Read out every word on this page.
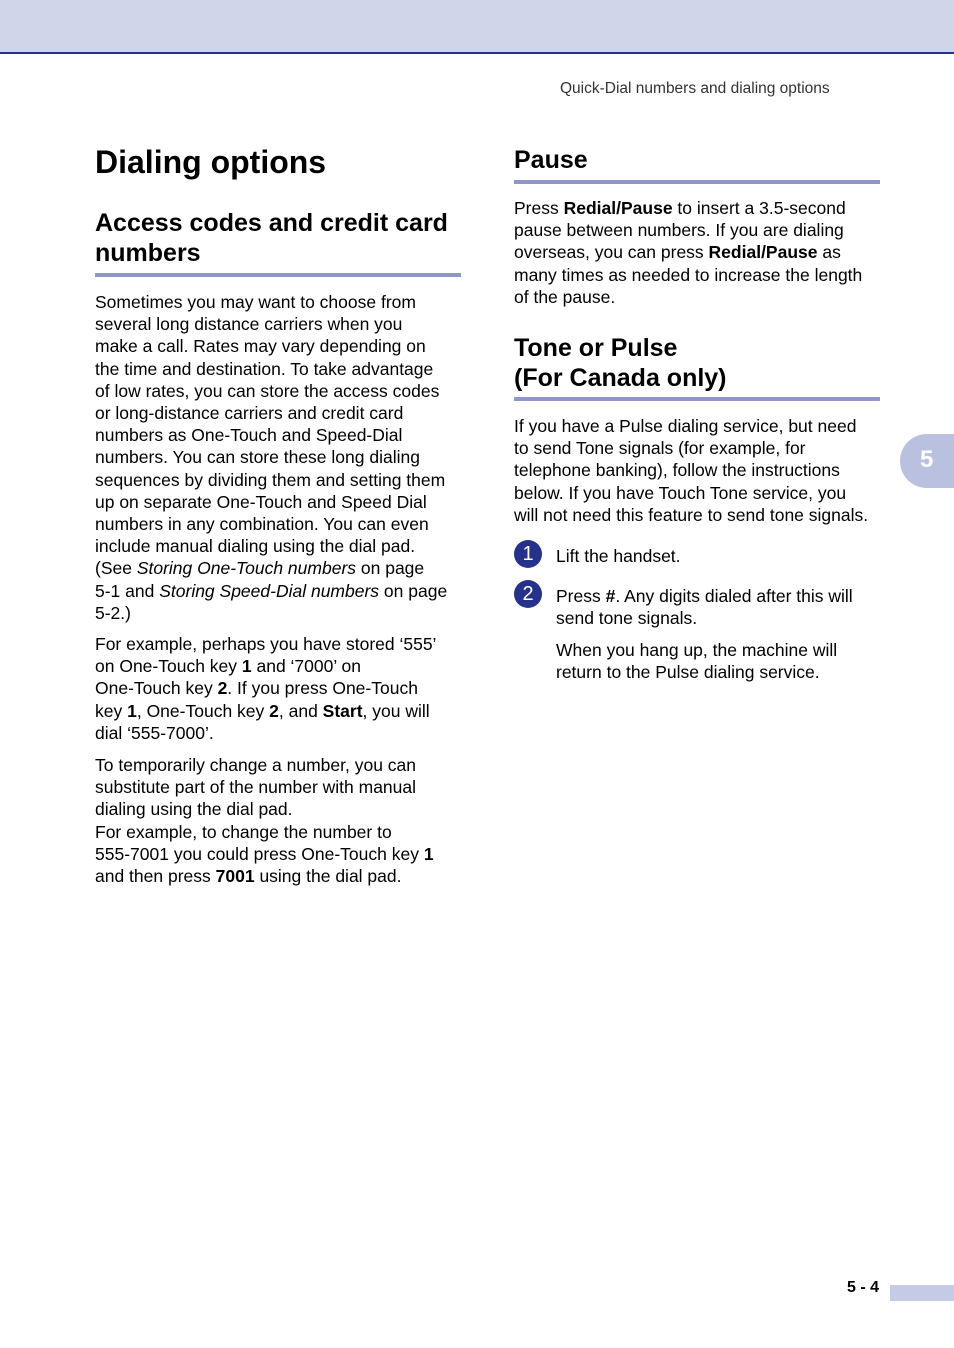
Quick-Dial numbers and dialing options
Dialing options
Access codes and credit card
numbers

Sometimes you may want to choose from
several long distance carriers when you
make a call. Rates may vary depending on
the time and destination. To take advantage
of low rates, you can store the access codes
or long-distance carriers and credit card
numbers as One-Touch and Speed-Dial
numbers. You can store these long dialing
sequences by dividing them and setting them
up on separate One-Touch and Speed Dial
numbers in any combination. You can even
include manual dialing using the dial pad.
(See Storing One-Touch numbers on page
5-1 and Storing Speed-Dial numbers on page
5-2.)

For example, perhaps you have stored ‘555’
on One-Touch key 1 and ‘7000’ on
One-Touch key 2. If you press One-Touch
key 1, One-Touch key 2, and Start, you will
dial ‘555-7000’.

To temporarily change a number, you can
substitute part of the number with manual
dialing using the dial pad.
For example, to change the number to
555-7001 you could press One-Touch key 1
and then press 7001 using the dial pad.

Pause

Press Redial/Pause to insert a 3.5-second
pause between numbers. If you are dialing
overseas, you can press Redial/Pause as
many times as needed to increase the length
of the pause.

Tone or Pulse
(For Canada only)

If you have a Pulse dialing service, but need
to send Tone signals (for example, for
telephone banking), follow the instructions
below. If you have Touch Tone service, you
will not need this feature to send tone signals.

1	Lift the handset.

2	Press #. Any digits dialed after this will
send tone signals.

When you hang up, the machine will
return to the Pulse dialing service.

5
5 - 4
